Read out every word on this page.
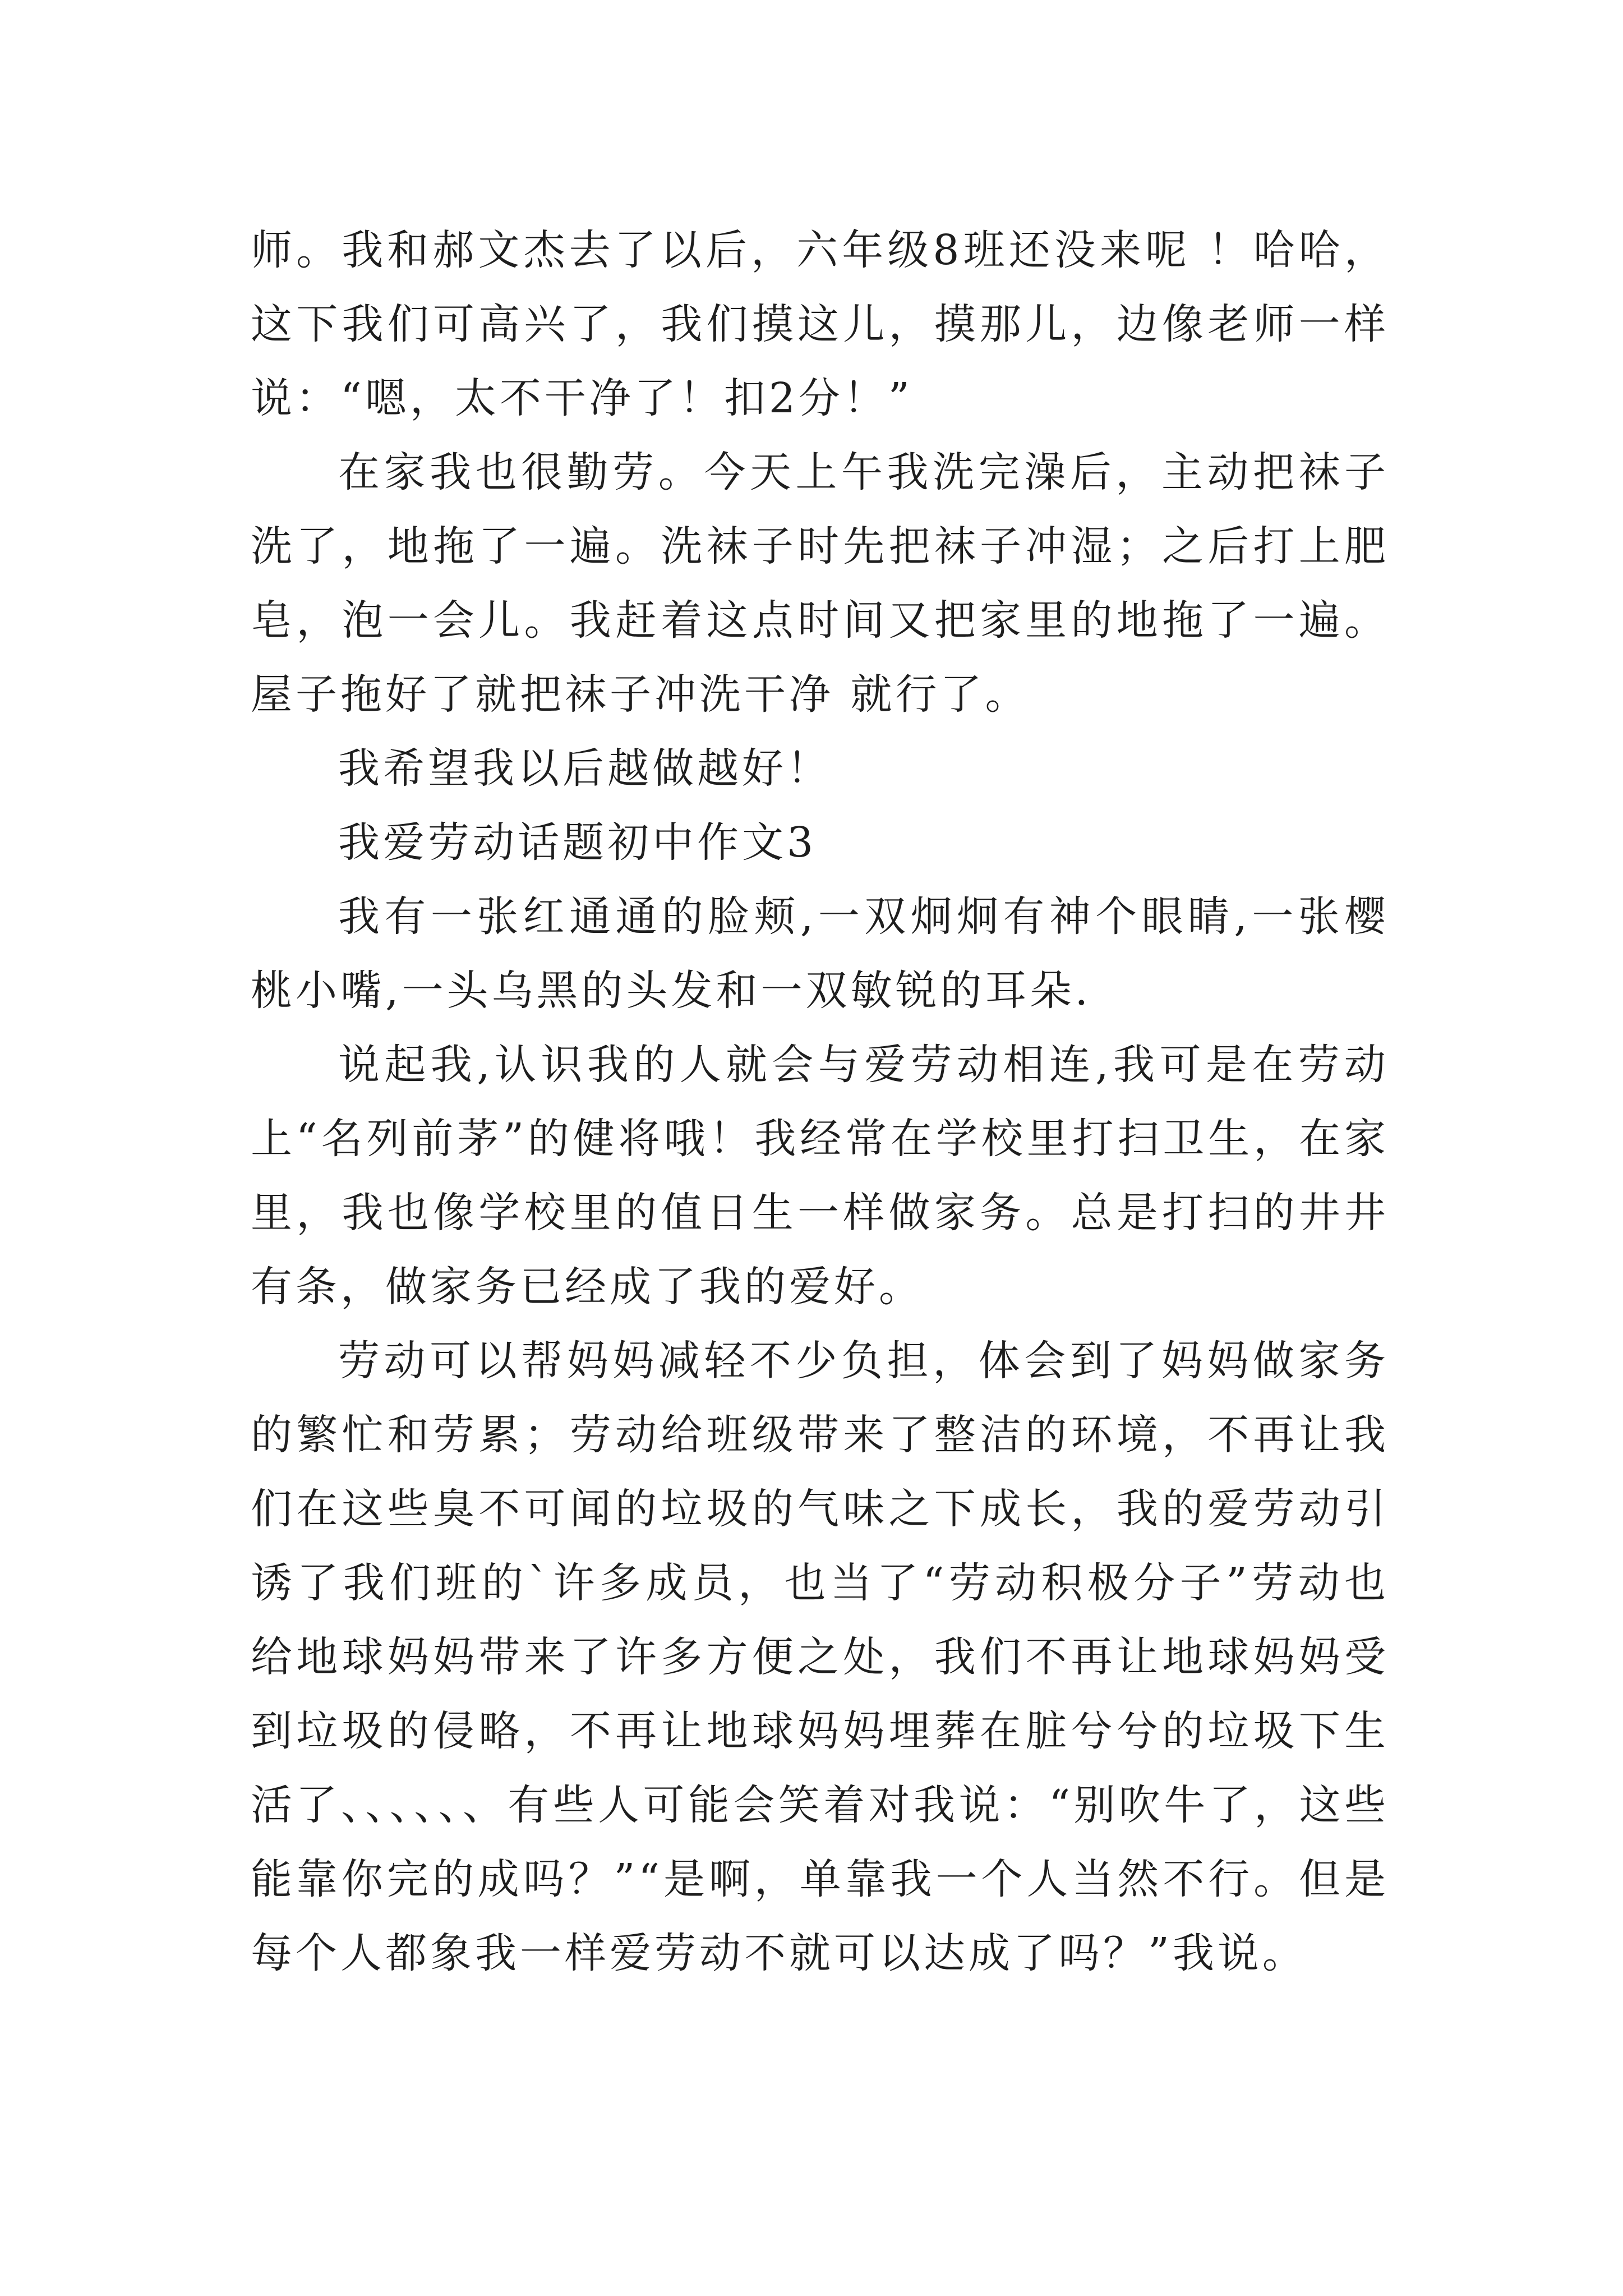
师。我和郝文杰去了以后，六年级8班还没来呢 ！哈哈，这下我们可高兴了，我们摸这儿，摸那儿，边像老师一样说：“嗯，太不干净了！扣2分！”

在家我也很勤劳。今天上午我洗完澡后，主动把袜子洗了，地拖了一遍。洗袜子时先把袜子冲湿；之后打上肥皂，泡一会儿。我赶着这点时间又把家里的地拖了一遍。屋子拖好了就把袜子冲洗干净 就行了。

我希望我以后越做越好！

我爱劳动话题初中作文3

我有一张红通通的脸颊,一双炯炯有神个眼睛,一张樱桃小嘴,一头乌黑的头发和一双敏锐的耳朵.

说起我,认识我的人就会与爱劳动相连,我可是在劳动上“名列前茅”的健将哦！我经常在学校里打扫卫生，在家里，我也像学校里的值日生一样做家务。总是打扫的井井有条，做家务已经成了我的爱好。

劳动可以帮妈妈减轻不少负担，体会到了妈妈做家务的繁忙和劳累；劳动给班级带来了整洁的环境，不再让我们在这些臭不可闻的垃圾的气味之下成长，我的爱劳动引诱了我们班的`许多成员，也当了“劳动积极分子”劳动也给地球妈妈带来了许多方便之处，我们不再让地球妈妈受到垃圾的侵略，不再让地球妈妈埋葬在脏兮兮的垃圾下生活了、、、、、、有些人可能会笑着对我说：“别吹牛了，这些能靠你完的成吗？”“是啊，单靠我一个人当然不行。但是每个人都象我一样爱劳动不就可以达成了吗？”我说。
